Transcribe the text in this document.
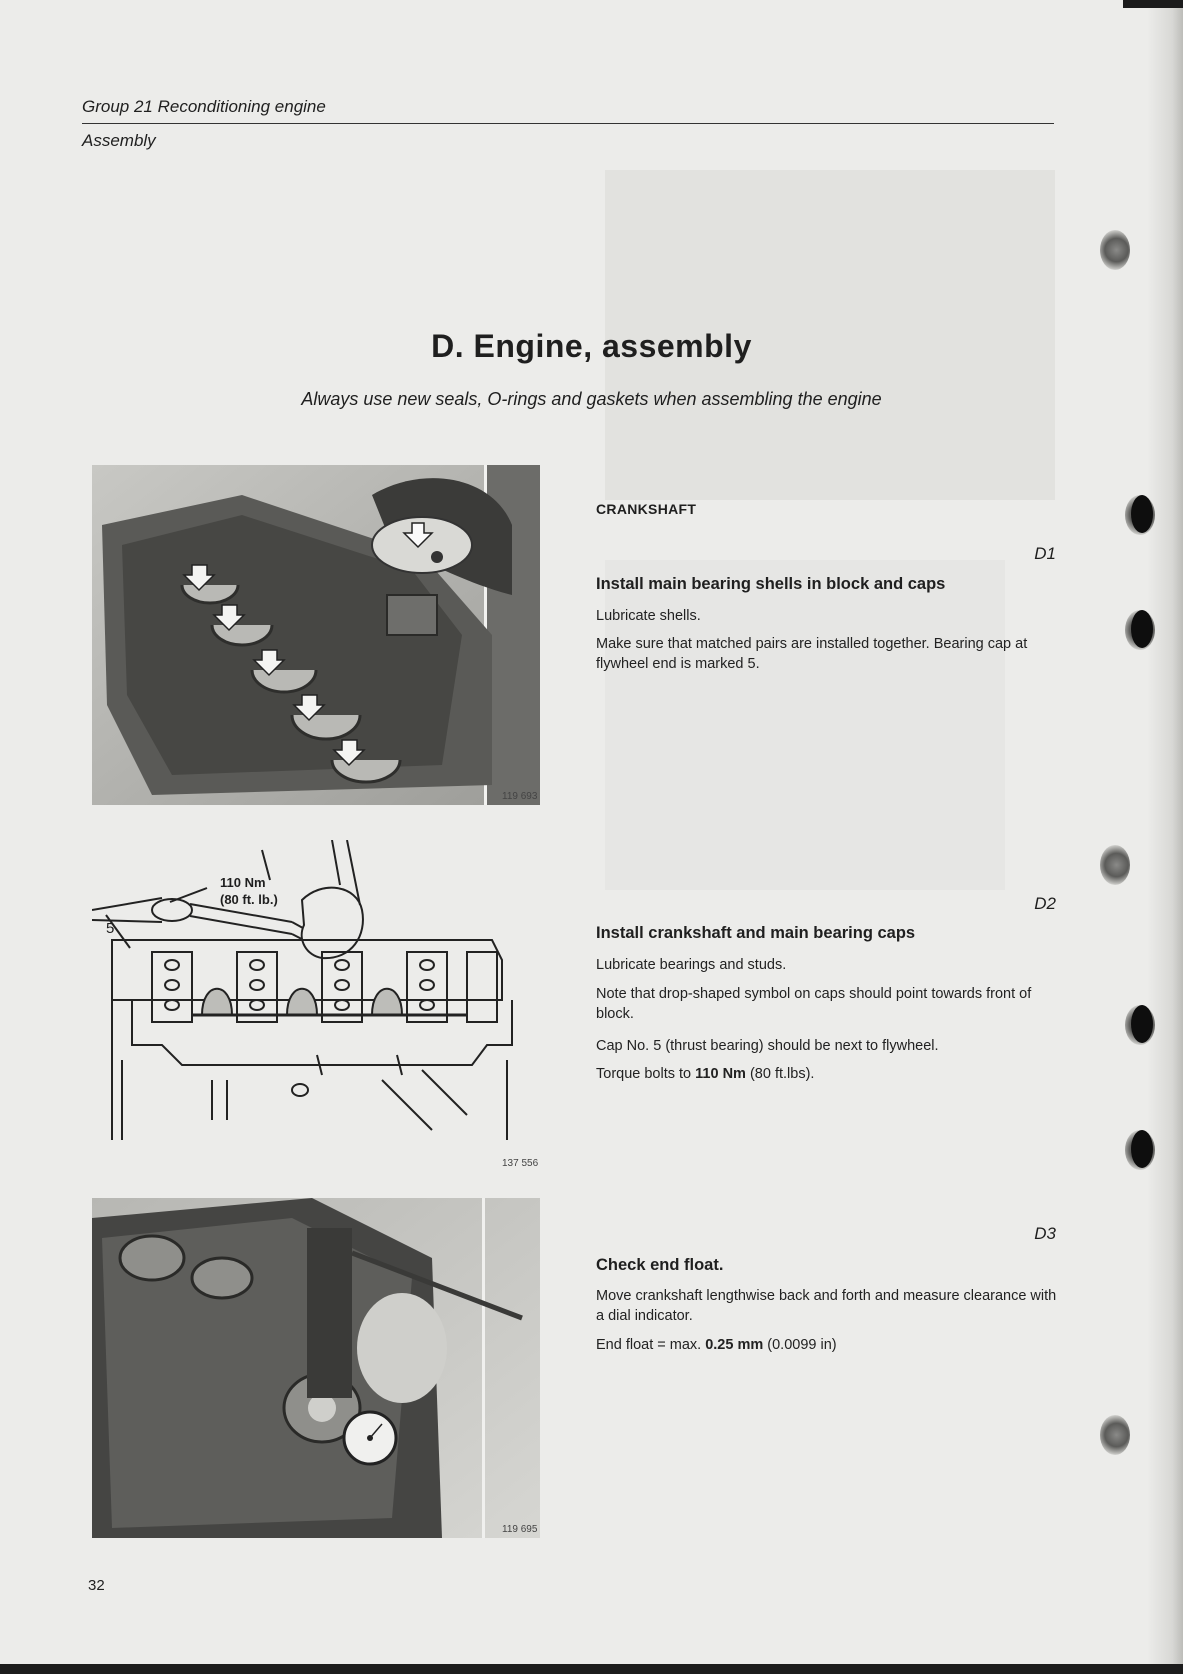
Group 21 Reconditioning engine
Assembly
D. Engine, assembly
Always use new seals, O-rings and gaskets when assembling the engine
119 693
110 Nm
(80 ft. lb.)
5
137 556
119 695
CRANKSHAFT
D1
Install main bearing shells in block and caps
Lubricate shells.
Make sure that matched pairs are installed together. Bearing cap at flywheel end is marked 5.
D2
Install crankshaft and main bearing caps
Lubricate bearings and studs.
Note that drop-shaped symbol on caps should point towards front of block.
Cap No. 5 (thrust bearing) should be next to flywheel.
Torque bolts to 110 Nm (80 ft.lbs).
D3
Check end float.
Move crankshaft lengthwise back and forth and measure clearance with a dial indicator.
End float = max. 0.25 mm (0.0099 in)
32
